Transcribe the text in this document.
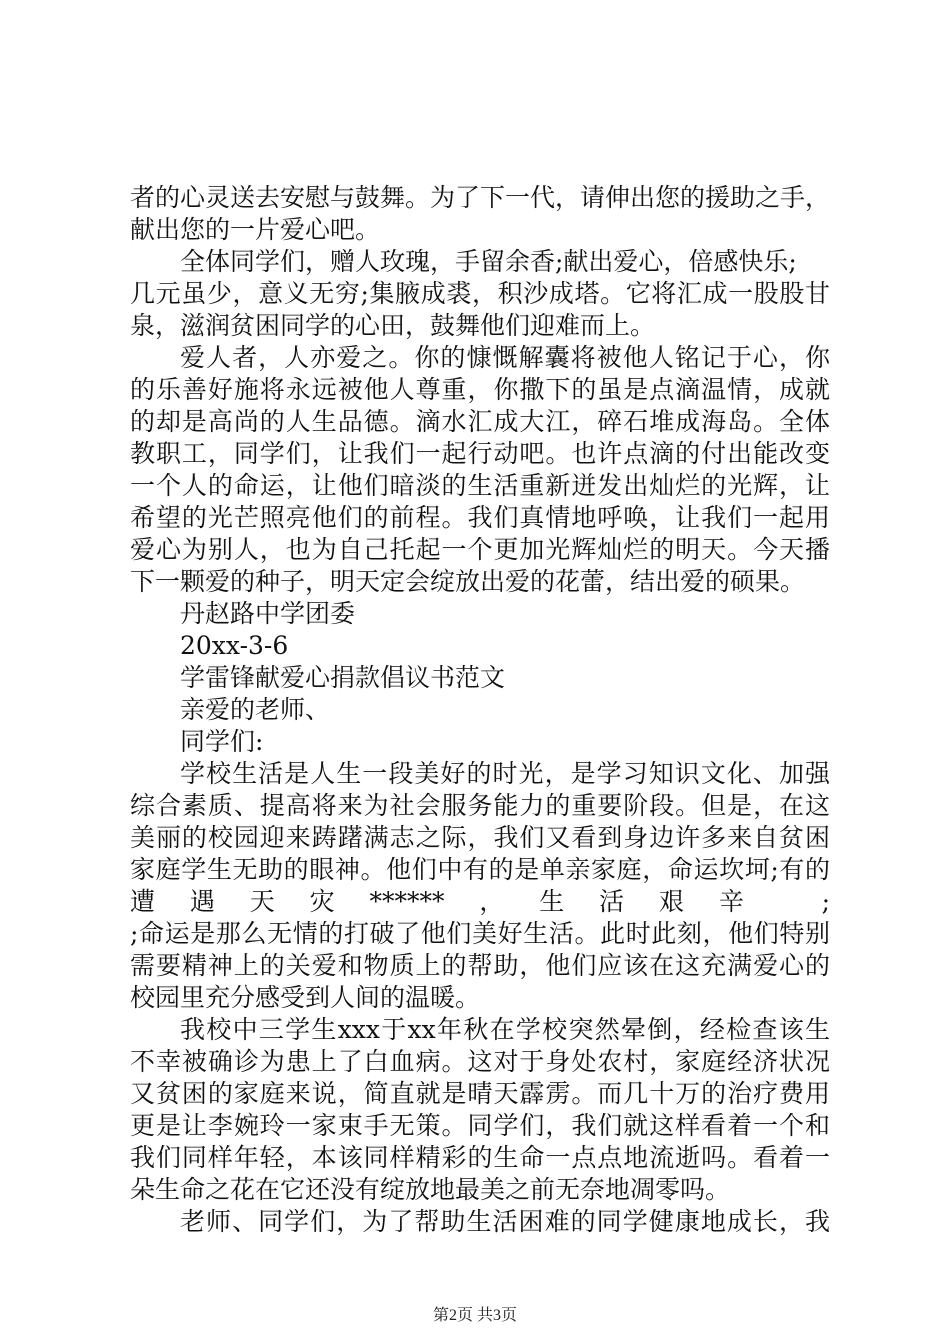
者的心灵送去安慰与鼓舞。为了下一代，请伸出您的援助之手，
献出您的一片爱心吧。
全体同学们，赠人玫瑰，手留余香;献出爱心，倍感快乐;
几元虽少，意义无穷;集腋成裘，积沙成塔。它将汇成一股股甘
泉，滋润贫困同学的心田，鼓舞他们迎难而上。
爱人者，人亦爱之。你的慷慨解囊将被他人铭记于心，你
的乐善好施将永远被他人尊重，你撒下的虽是点滴温情，成就
的却是高尚的人生品德。滴水汇成大江，碎石堆成海岛。全体
教职工，同学们，让我们一起行动吧。也许点滴的付出能改变
一个人的命运，让他们暗淡的生活重新迸发出灿烂的光辉，让
希望的光芒照亮他们的前程。我们真情地呼唤，让我们一起用
爱心为别人，也为自己托起一个更加光辉灿烂的明天。今天播
下一颗爱的种子，明天定会绽放出爱的花蕾，结出爱的硕果。
丹赵路中学团委
20xx-3-6
学雷锋献爱心捐款倡议书范文
亲爱的老师、
同学们:
学校生活是人生一段美好的时光，是学习知识文化、加强
综合素质、提高将来为社会服务能力的重要阶段。但是，在这
美丽的校园迎来踌躇满志之际，我们又看到身边许多来自贫困
家庭学生无助的眼神。他们中有的是单亲家庭，命运坎坷;有的
遭遇天灾******，生活艰辛 ;
;命运是那么无情的打破了他们美好生活。此时此刻，他们特别
需要精神上的关爱和物质上的帮助，他们应该在这充满爱心的
校园里充分感受到人间的温暖。
我校中三学生xxx于xx年秋在学校突然晕倒，经检查该生
不幸被确诊为患上了白血病。这对于身处农村，家庭经济状况
又贫困的家庭来说，简直就是晴天霹雳。而几十万的治疗费用
更是让李婉玲一家束手无策。同学们，我们就这样看着一个和
我们同样年轻，本该同样精彩的生命一点点地流逝吗。看着一
朵生命之花在它还没有绽放地最美之前无奈地凋零吗。
老师、同学们，为了帮助生活困难的同学健康地成长，我
第2页 共3页
